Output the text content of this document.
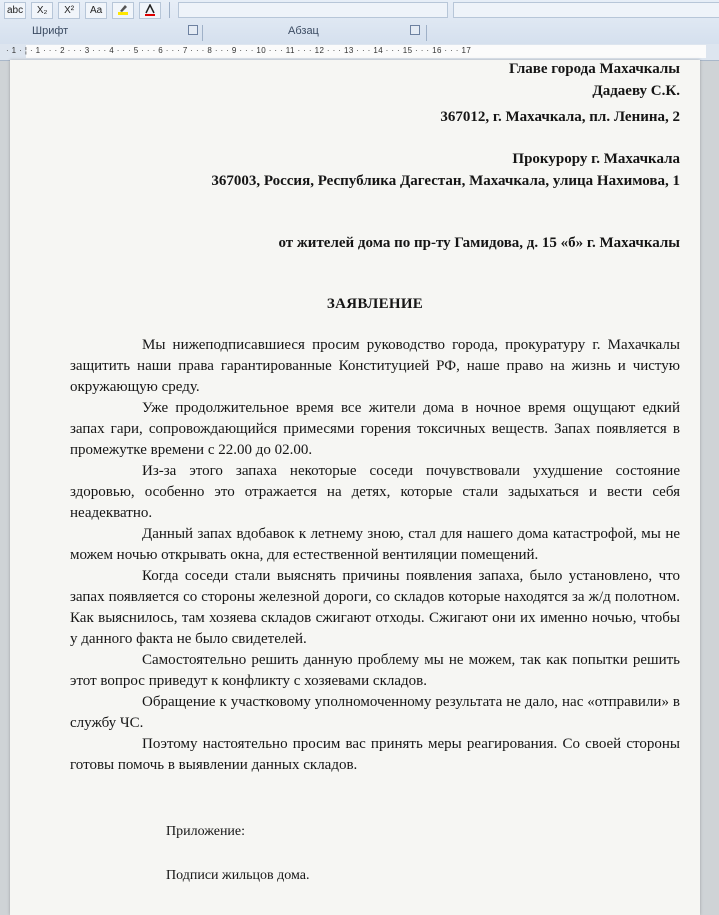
abc	X₂	X²	Aa
Шрифт	Абзац
· 1 · ¦ · 1 · · · 2 · · · 3 · · · 4 · · · 5 · · · 6 · · · 7 · · · 8 · · · 9 · · · 10 · · · 11 · · · 12 · · · 13 · · · 14 · · · 15 · · · 16 · · · 17
Главе города Махачкалы
Дадаеву С.К.
367012, г. Махачкала, пл. Ленина, 2
Прокурору г. Махачкала
367003, Россия, Республика Дагестан, Махачкала, улица Нахимова, 1
от жителей дома по пр-ту Гамидова, д. 15 «б» г. Махачкалы
ЗАЯВЛЕНИЕ

Мы нижеподписавшиеся просим руководство города, прокуратуру г. Махачкалы защитить наши права гарантированные Конституцией РФ, наше право на жизнь и чистую окружающую среду.

Уже продолжительное время все жители дома в ночное время ощущают едкий запах гари, сопровождающийся примесями горения токсичных веществ. Запах появляется в промежутке времени с 22.00 до 02.00.

Из-за этого запаха некоторые соседи почувствовали ухудшение состояние здоровью, особенно это отражается на детях, которые стали задыхаться и вести себя неадекватно.

Данный запах вдобавок к летнему зною, стал для нашего дома катастрофой, мы не можем ночью открывать окна, для естественной вентиляции помещений.

Когда соседи стали выяснять причины появления запаха, было установлено, что запах появляется со стороны железной дороги, со складов которые находятся за ж/д полотном. Как выяснилось, там хозяева складов сжигают отходы. Сжигают они их именно ночью, чтобы у данного факта не было свидетелей.

Самостоятельно решить данную проблему мы не можем, так как попытки решить этот вопрос приведут к конфликту с хозяевами складов.

Обращение к участковому уполномоченному результата не дало, нас «отправили» в службу ЧС.

Поэтому настоятельно просим вас принять меры реагирования. Со своей стороны готовы помочь в выявлении данных складов.

Приложение:
Подписи жильцов дома.
